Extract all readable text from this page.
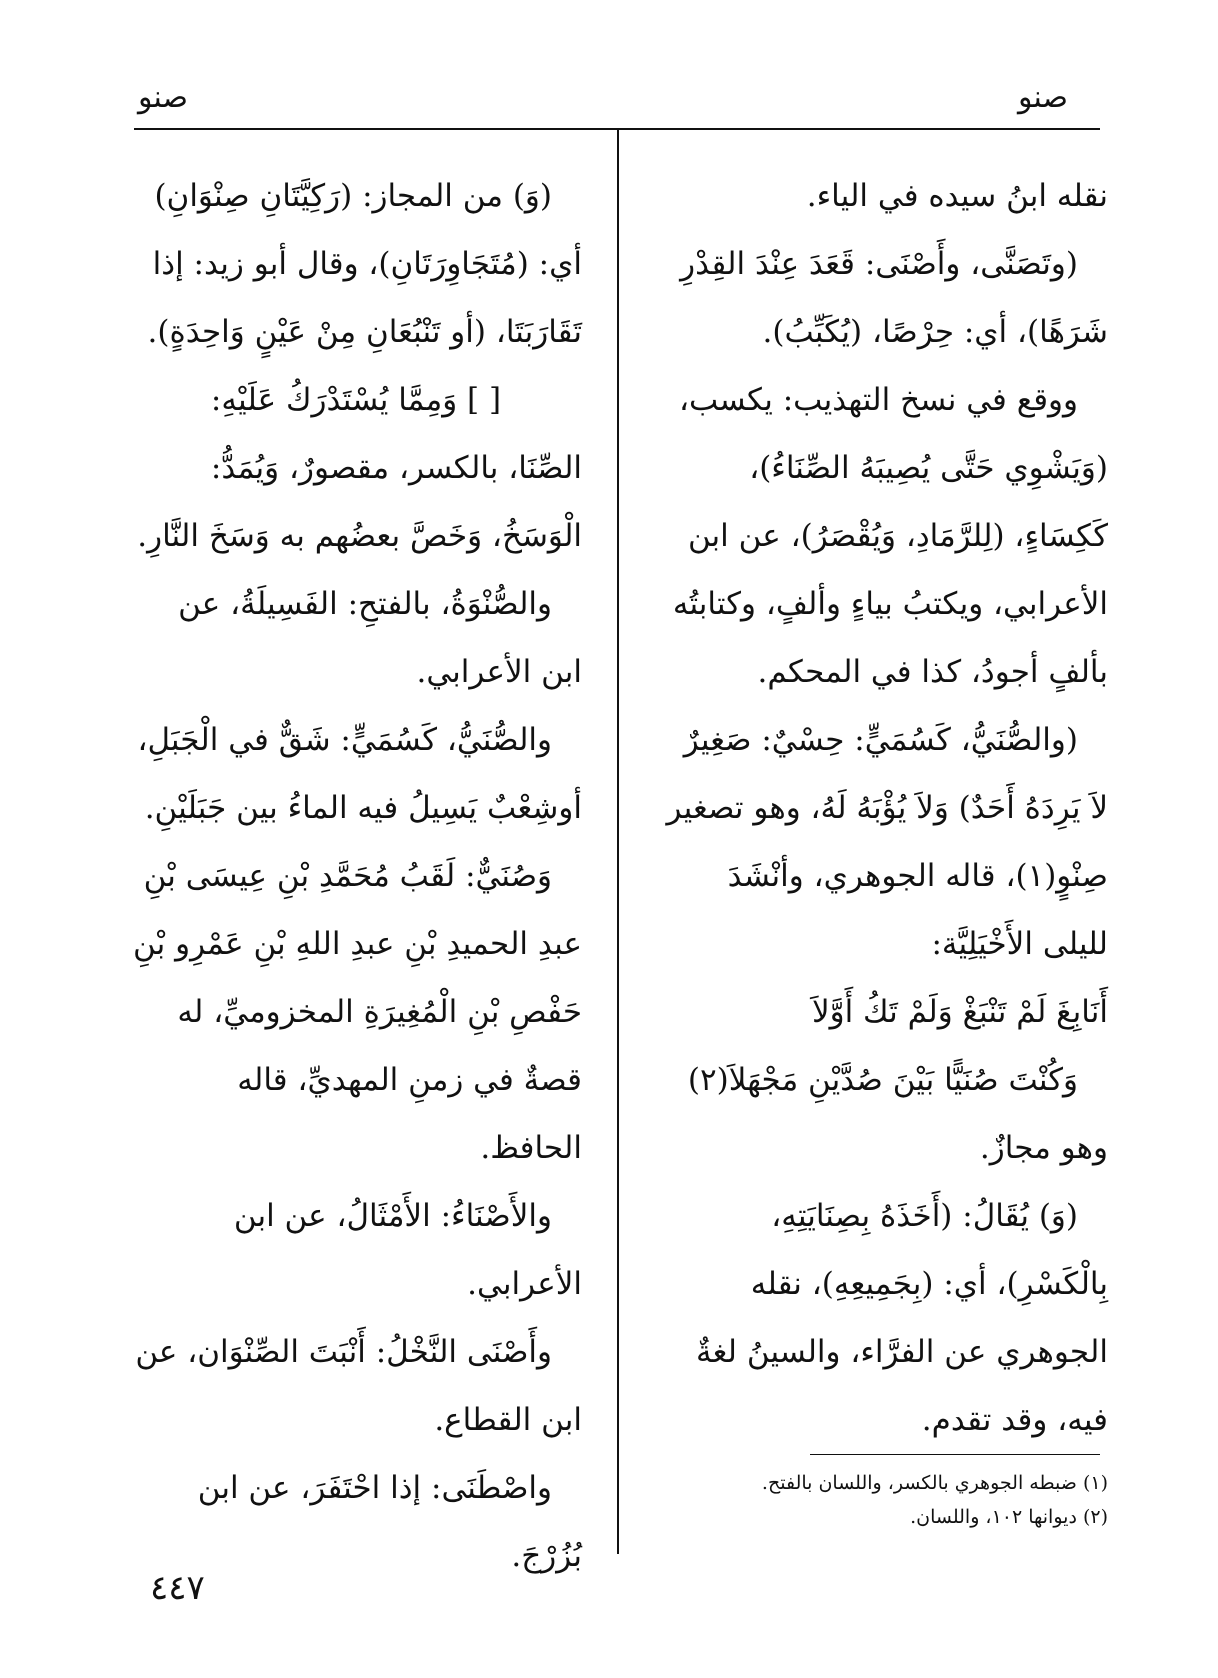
صنو
صنو

نقله ابنُ سيده في الياء.

(وتَصَنَّى، وأَصْنَى: قَعَدَ عِنْدَ القِدْرِ شَرَهًا)، أي: حِرْصًا، (يُكَبِّبُ).

ووقع في نسخ التهذيب: يكسب، (وَيَشْوِي حَتَّى يُصِيبَهُ الصِّنَاءُ)، كَكِسَاءٍ، (لِلرَّمَادِ، وَيُقْصَرُ)، عن ابن الأعرابي، ويكتبُ بياءٍ وألفٍ، وكتابتُه بألفٍ أجودُ، كذا في المحكم.

(والصُّنَيُّ، كَسُمَيٍّ: حِسْيٌ: صَغِيرٌ لاَ يَرِدَهُ أَحَدٌ) وَلاَ يُؤْبَهُ لَهُ، وهو تصغير صِنْوٍ(١)، قاله الجوهري، وأنْشَدَ لليلى الأَخْيَلِيَّة:

أَنَابِغَ لَمْ تَنْبَغْ وَلَمْ تَكُ أَوَّلاَ

وَكُنْتَ صُنَيًّا بَيْنَ صُدَّيْنِ مَجْهَلاَ(٢)

وهو مجازٌ.

(وَ) يُقَالُ: (أَخَذَهُ بِصِنَايَتِهِ، بِالْكَسْرِ)، أي: (بِجَمِيعِهِ)، نقله الجوهري عن الفرَّاء، والسينُ لغةٌ فيه، وقد تقدم.

(وَ) من المجاز: (رَكِيَّتَانِ صِنْوَانِ) أي: (مُتَجَاوِرَتَانِ)، وقال أبو زيد: إذا تَقَارَبَتَا، (أو تَنْبُعَانِ مِنْ عَيْنٍ وَاحِدَةٍ).

[ ] وَمِمَّا يُسْتَدْرَكُ عَلَيْهِ:

الصِّنَا، بالكسر، مقصورٌ، وَيُمَدُّ: الْوَسَخُ، وَخَصَّ بعضُهم به وَسَخَ النَّارِ.

والصُّنْوَةُ، بالفتحِ: الفَسِيلَةُ، عن ابن الأعرابي.

والصُّنَيُّ، كَسُمَيٍّ: شَقٌّ في الْجَبَلِ، أوشِعْبٌ يَسِيلُ فيه الماءُ بين جَبَلَيْنِ.

وَصُنَيٌّ: لَقَبُ مُحَمَّدِ بْنِ عِيسَى بْنِ عبدِ الحميدِ بْنِ عبدِ اللهِ بْنِ عَمْرِو بْنِ حَفْصِ بْنِ الْمُغِيرَةِ المخزوميِّ، له قصةٌ في زمنِ المهديِّ، قاله الحافظ.

والأَصْنَاءُ: الأَمْثَالُ، عن ابن الأعرابي.

وأَصْنَى النَّخْلُ: أَنْبَتَ الصِّنْوَان، عن ابن القطاع.

واصْطَنَى: إذا احْتَفَرَ، عن ابن بُزُرْجَ.

(١) ضبطه الجوهري بالكسر، واللسان بالفتح.

(٢) ديوانها ١٠٢، واللسان.

٤٤٧
